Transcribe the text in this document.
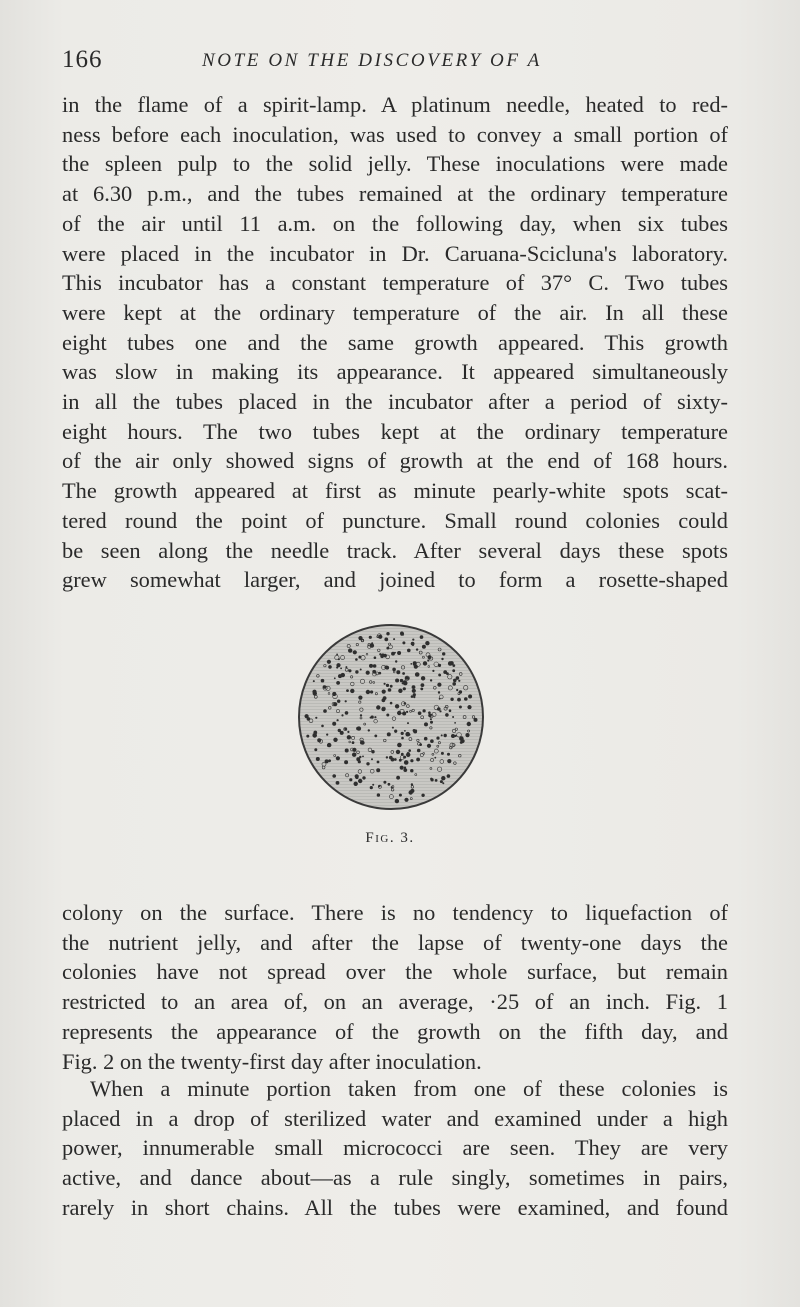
166	NOTE ON THE DISCOVERY OF A

in the flame of a spirit-lamp. A platinum needle, heated to red-
ness before each inoculation, was used to convey a small portion of
the spleen pulp to the solid jelly. These inoculations were made
at 6.30 p.m., and the tubes remained at the ordinary temperature
of the air until 11 a.m. on the following day, when six tubes
were placed in the incubator in Dr. Caruana-Scicluna's laboratory.
This incubator has a constant temperature of 37° C. Two tubes
were kept at the ordinary temperature of the air. In all these
eight tubes one and the same growth appeared. This growth
was slow in making its appearance. It appeared simultaneously
in all the tubes placed in the incubator after a period of sixty-
eight hours. The two tubes kept at the ordinary temperature
of the air only showed signs of growth at the end of 168 hours.
The growth appeared at first as minute pearly-white spots scat-
tered round the point of puncture. Small round colonies could
be seen along the needle track. After several days these spots
grew somewhat larger, and joined to form a rosette-shaped

Fig. 3.

colony on the surface. There is no tendency to liquefaction of
the nutrient jelly, and after the lapse of twenty-one days the
colonies have not spread over the whole surface, but remain
restricted to an area of, on an average, ·25 of an inch. Fig. 1
represents the appearance of the growth on the fifth day, and
Fig. 2 on the twenty-first day after inoculation.

When a minute portion taken from one of these colonies is
placed in a drop of sterilized water and examined under a high
power, innumerable small micrococci are seen. They are very
active, and dance about—as a rule singly, sometimes in pairs,
rarely in short chains. All the tubes were examined, and found
